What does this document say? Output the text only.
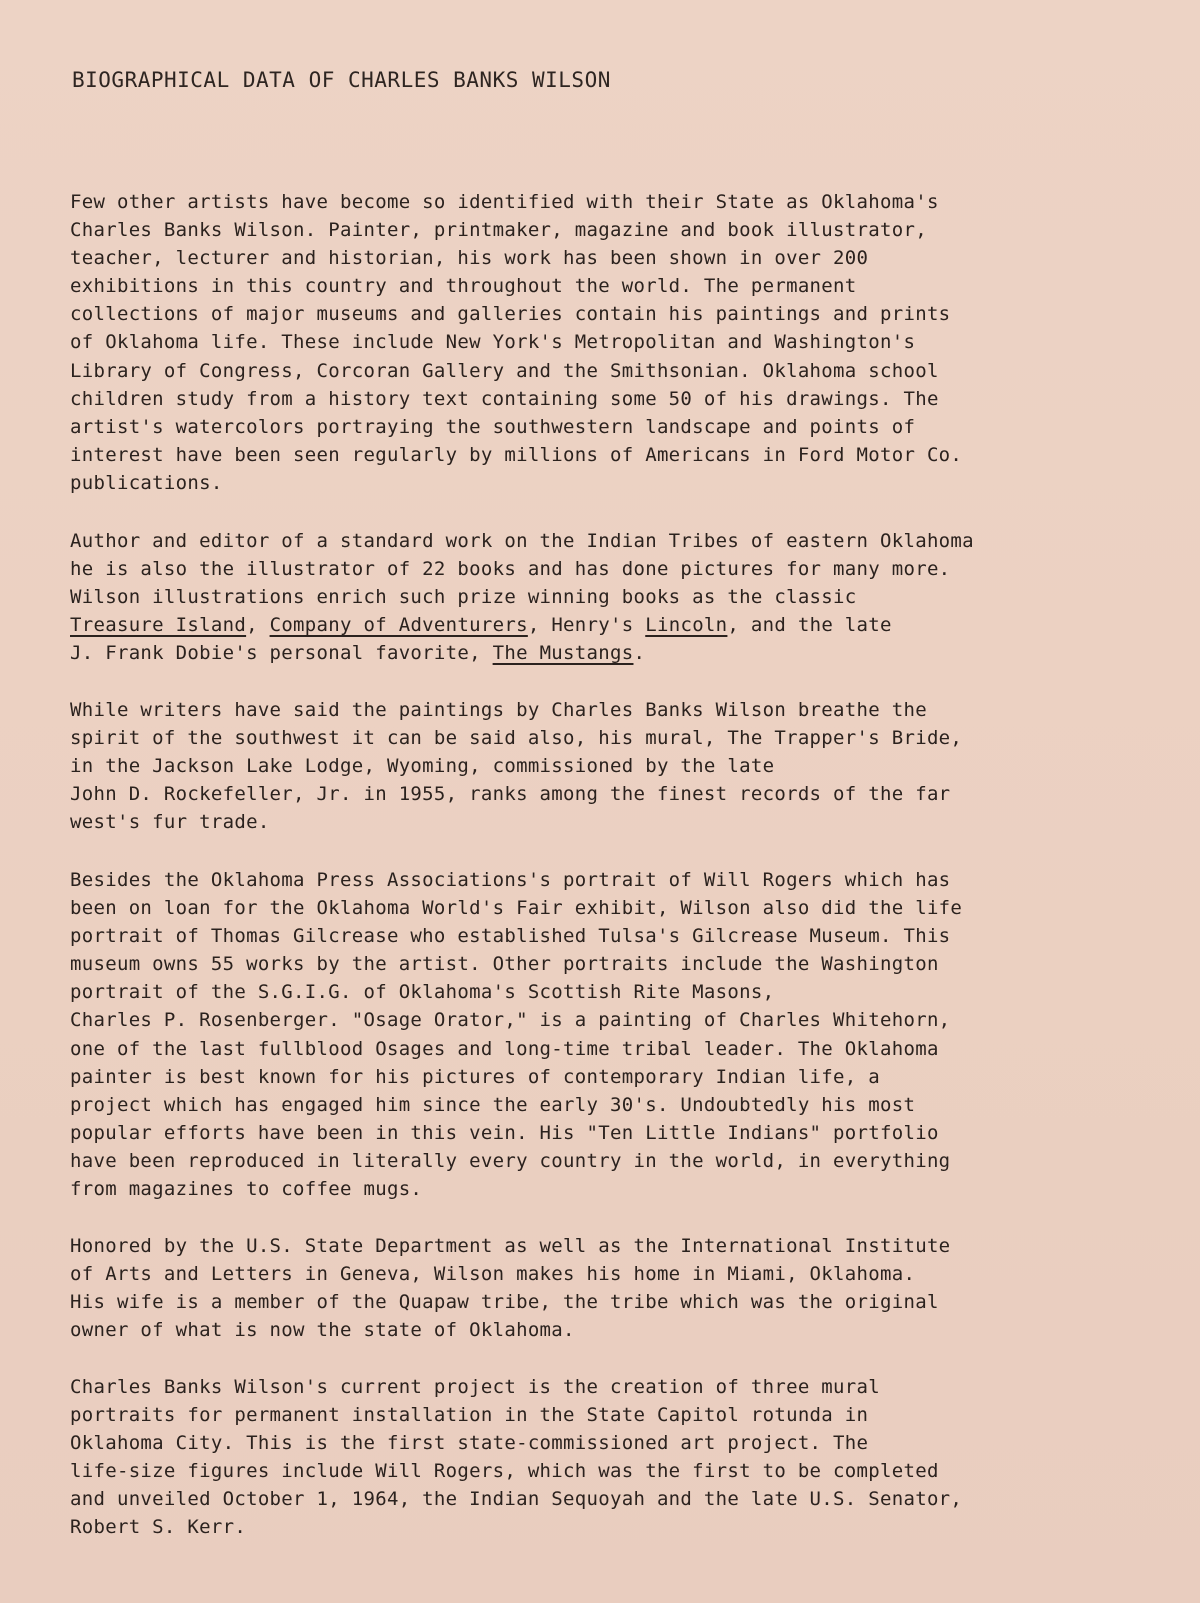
BIOGRAPHICAL DATA OF CHARLES BANKS WILSON

Few other artists have become so identified with their State as Oklahoma's
Charles Banks Wilson. Painter, printmaker, magazine and book illustrator,
teacher, lecturer and historian, his work has been shown in over 200
exhibitions in this country and throughout the world. The permanent
collections of major museums and galleries contain his paintings and prints
of Oklahoma life. These include New York's Metropolitan and Washington's
Library of Congress, Corcoran Gallery and the Smithsonian. Oklahoma school
children study from a history text containing some 50 of his drawings. The
artist's watercolors portraying the southwestern landscape and points of
interest have been seen regularly by millions of Americans in Ford Motor Co.
publications.

Author and editor of a standard work on the Indian Tribes of eastern Oklahoma
he is also the illustrator of 22 books and has done pictures for many more.
Wilson illustrations enrich such prize winning books as the classic
Treasure Island, Company of Adventurers, Henry's Lincoln, and the late
J. Frank Dobie's personal favorite, The Mustangs.

While writers have said the paintings by Charles Banks Wilson breathe the
spirit of the southwest it can be said also, his mural, The Trapper's Bride,
in the Jackson Lake Lodge, Wyoming, commissioned by the late
John D. Rockefeller, Jr. in 1955, ranks among the finest records of the far
west's fur trade.

Besides the Oklahoma Press Associations's portrait of Will Rogers which has
been on loan for the Oklahoma World's Fair exhibit, Wilson also did the life
portrait of Thomas Gilcrease who established Tulsa's Gilcrease Museum. This
museum owns 55 works by the artist. Other portraits include the Washington
portrait of the S.G.I.G. of Oklahoma's Scottish Rite Masons,
Charles P. Rosenberger. "Osage Orator," is a painting of Charles Whitehorn,
one of the last fullblood Osages and long-time tribal leader. The Oklahoma
painter is best known for his pictures of contemporary Indian life, a
project which has engaged him since the early 30's. Undoubtedly his most
popular efforts have been in this vein. His "Ten Little Indians" portfolio
have been reproduced in literally every country in the world, in everything
from magazines to coffee mugs.

Honored by the U.S. State Department as well as the International Institute
of Arts and Letters in Geneva, Wilson makes his home in Miami, Oklahoma.
His wife is a member of the Quapaw tribe, the tribe which was the original
owner of what is now the state of Oklahoma.

Charles Banks Wilson's current project is the creation of three mural
portraits for permanent installation in the State Capitol rotunda in
Oklahoma City. This is the first state-commissioned art project. The
life-size figures include Will Rogers, which was the first to be completed
and unveiled October 1, 1964, the Indian Sequoyah and the late U.S. Senator,
Robert S. Kerr.
